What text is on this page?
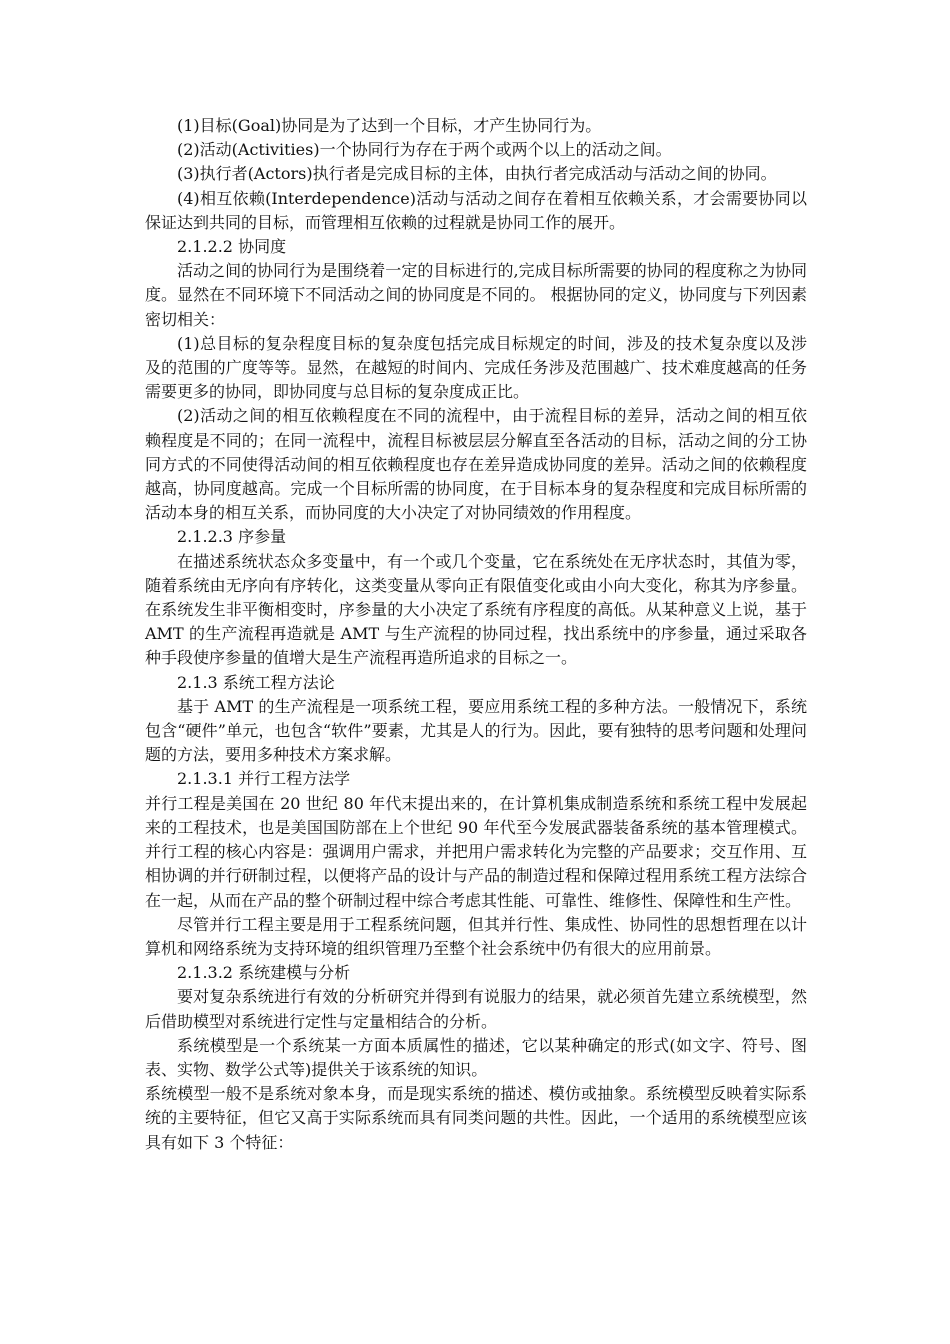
(1)目标(Goal)协同是为了达到一个目标，才产生协同行为。

(2)活动(Activities)一个协同行为存在于两个或两个以上的活动之间。

(3)执行者(Actors)执行者是完成目标的主体，由执行者完成活动与活动之间的协同。

(4)相互依赖(Interdependence)活动与活动之间存在着相互依赖关系，才会需要协同以保证达到共同的目标，而管理相互依赖的过程就是协同工作的展开。

2.1.2.2 协同度

活动之间的协同行为是围绕着一定的目标进行的,完成目标所需要的协同的程度称之为协同度。显然在不同环境下不同活动之间的协同度是不同的。 根据协同的定义，协同度与下列因素密切相关：

(1)总目标的复杂程度目标的复杂度包括完成目标规定的时间，涉及的技术复杂度以及涉及的范围的广度等等。显然，在越短的时间内、完成任务涉及范围越广、技术难度越高的任务需要更多的协同，即协同度与总目标的复杂度成正比。

(2)活动之间的相互依赖程度在不同的流程中，由于流程目标的差异，活动之间的相互依赖程度是不同的；在同一流程中，流程目标被层层分解直至各活动的目标，活动之间的分工协同方式的不同使得活动间的相互依赖程度也存在差异造成协同度的差异。活动之间的依赖程度越高，协同度越高。完成一个目标所需的协同度，在于目标本身的复杂程度和完成目标所需的活动本身的相互关系，而协同度的大小决定了对协同绩效的作用程度。

2.1.2.3 序参量

在描述系统状态众多变量中，有一个或几个变量，它在系统处在无序状态时，其值为零，随着系统由无序向有序转化，这类变量从零向正有限值变化或由小向大变化，称其为序参量。在系统发生非平衡相变时，序参量的大小决定了系统有序程度的高低。从某种意义上说，基于 AMT 的生产流程再造就是 AMT 与生产流程的协同过程，找出系统中的序参量，通过采取各种手段使序参量的值增大是生产流程再造所追求的目标之一。

2.1.3 系统工程方法论

基于 AMT 的生产流程是一项系统工程，要应用系统工程的多种方法。一般情况下，系统包含“硬件”单元，也包含“软件”要素，尤其是人的行为。因此，要有独特的思考问题和处理问题的方法，要用多种技术方案求解。

2.1.3.1 并行工程方法学

并行工程是美国在 20 世纪 80 年代末提出来的，在计算机集成制造系统和系统工程中发展起来的工程技术，也是美国国防部在上个世纪 90 年代至今发展武器装备系统的基本管理模式。并行工程的核心内容是：强调用户需求，并把用户需求转化为完整的产品要求；交互作用、互相协调的并行研制过程，以便将产品的设计与产品的制造过程和保障过程用系统工程方法综合在一起，从而在产品的整个研制过程中综合考虑其性能、可靠性、维修性、保障性和生产性。

尽管并行工程主要是用于工程系统问题，但其并行性、集成性、协同性的思想哲理在以计算机和网络系统为支持环境的组织管理乃至整个社会系统中仍有很大的应用前景。

2.1.3.2 系统建模与分析

要对复杂系统进行有效的分析研究并得到有说服力的结果，就必须首先建立系统模型，然后借助模型对系统进行定性与定量相结合的分析。

系统模型是一个系统某一方面本质属性的描述，它以某种确定的形式(如文字、符号、图表、实物、数学公式等)提供关于该系统的知识。

系统模型一般不是系统对象本身，而是现实系统的描述、模仿或抽象。系统模型反映着实际系统的主要特征，但它又高于实际系统而具有同类问题的共性。因此，一个适用的系统模型应该具有如下 3 个特征：
